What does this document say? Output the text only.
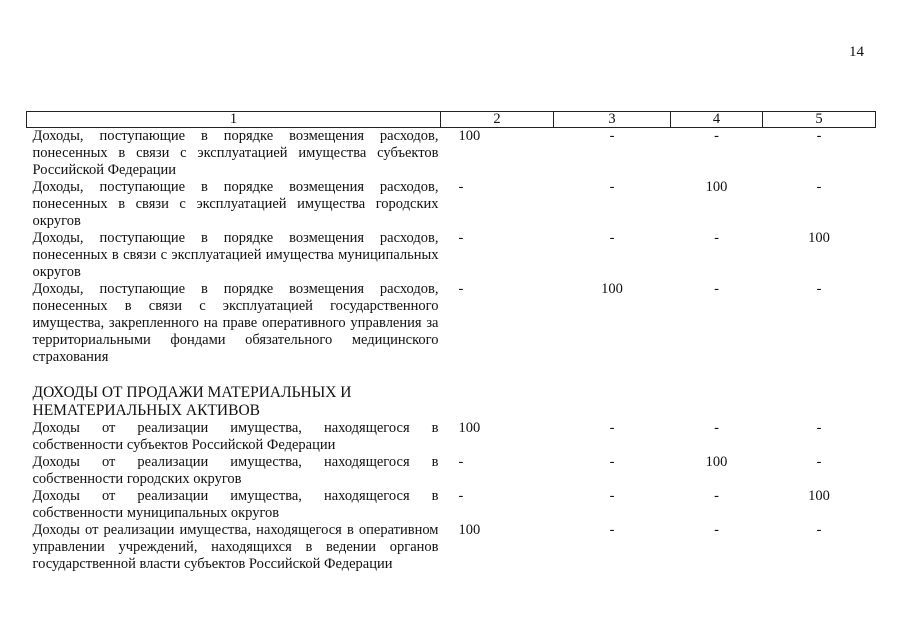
14
1	2	3	4	5
Доходы, поступающие в порядке возмещения расходов, понесенных в связи с эксплуатацией имущества субъектов Российской Федерации	100	-	-	-
Доходы, поступающие в порядке возмещения расходов, понесенных в связи с эксплуатацией имущества городских округов	-	-	100	-
Доходы, поступающие в порядке возмещения расходов, понесенных в связи с эксплуатацией имущества муниципальных округов	-	-	-	100
Доходы, поступающие в порядке возмещения расходов, понесенных в связи с эксплуатацией государственного имущества, закрепленного на праве оперативного управления за территориальными фондами обязательного медицинского страхования	-	100	-	-

ДОХОДЫ ОТ ПРОДАЖИ МАТЕРИАЛЬНЫХ И НЕМАТЕРИАЛЬНЫХ АКТИВОВ				
Доходы от реализации имущества, находящегося в собственности субъектов Российской Федерации	100	-	-	-
Доходы от реализации имущества, находящегося в собственности городских округов	-	-	100	-
Доходы от реализации имущества, находящегося в собственности муниципальных округов	-	-	-	100
Доходы от реализации имущества, находящегося в оперативном управлении учреждений, находящихся в ведении органов государственной власти субъектов Российской Федерации	100	-	-	-
